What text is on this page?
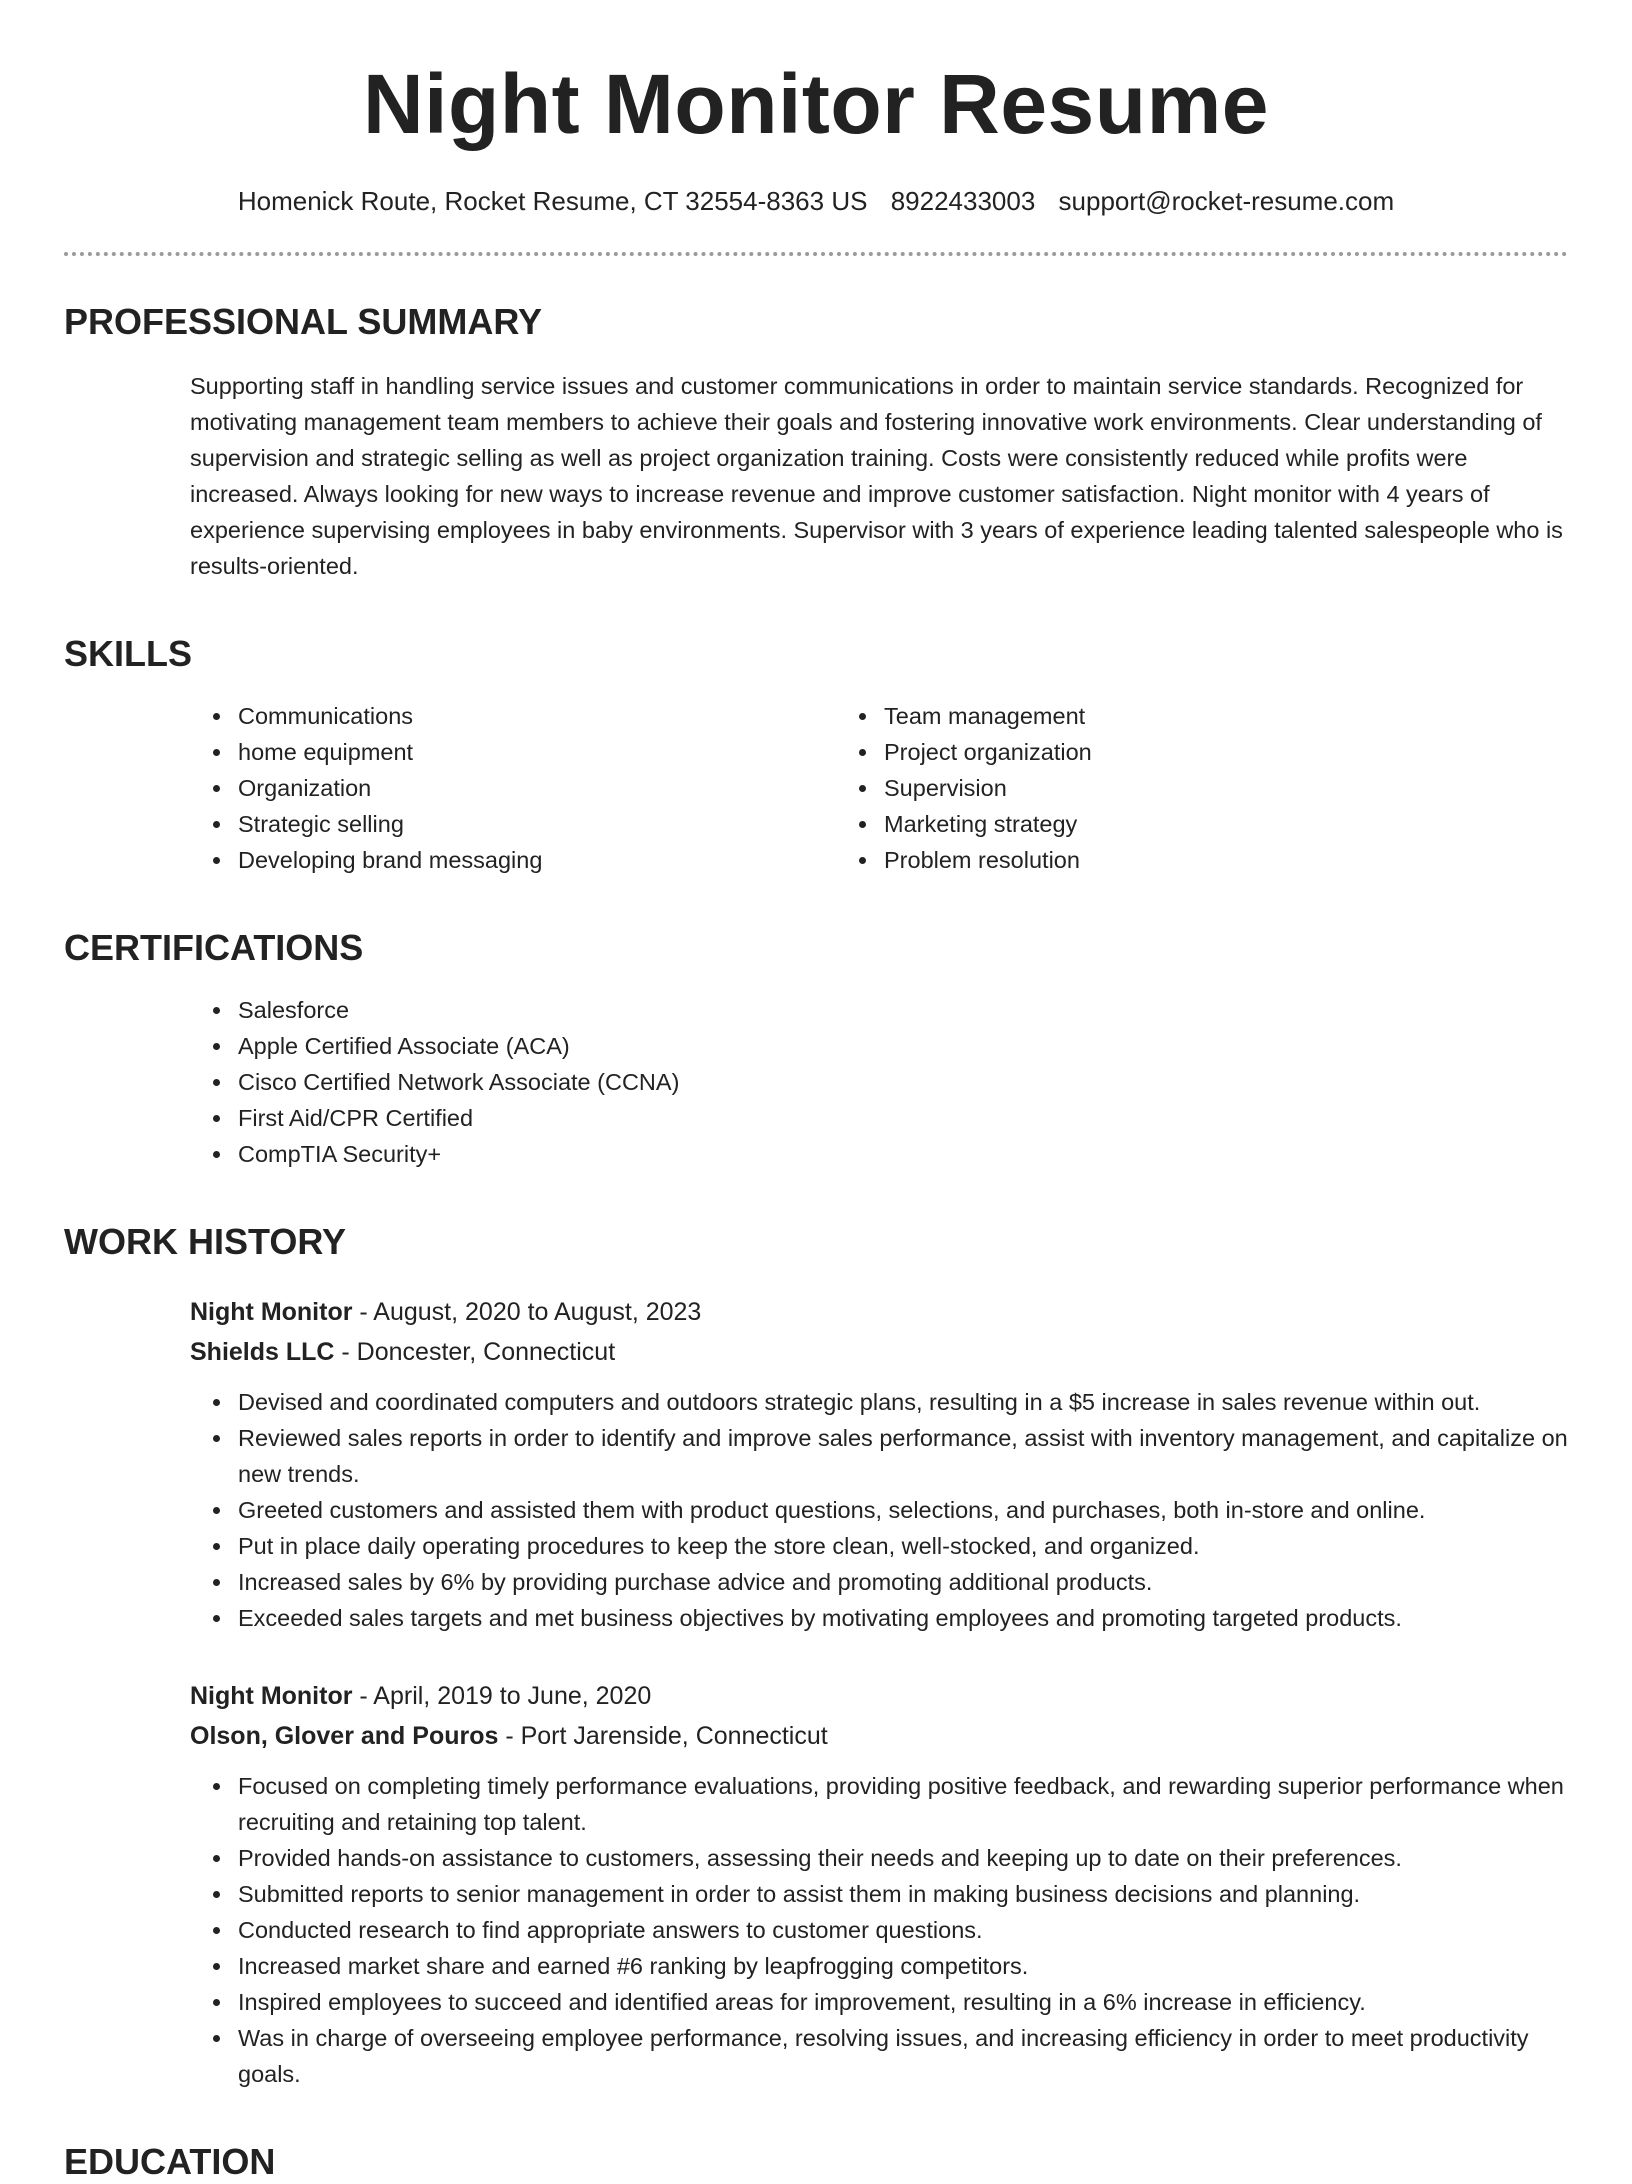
Night Monitor Resume
Homenick Route, Rocket Resume, CT 32554-8363 US 8922433003 support@rocket-resume.com
PROFESSIONAL SUMMARY
Supporting staff in handling service issues and customer communications in order to maintain service standards. Recognized for motivating management team members to achieve their goals and fostering innovative work environments. Clear understanding of supervision and strategic selling as well as project organization training. Costs were consistently reduced while profits were increased. Always looking for new ways to increase revenue and improve customer satisfaction. Night monitor with 4 years of experience supervising employees in baby environments. Supervisor with 3 years of experience leading talented salespeople who is results-oriented.
SKILLS
• Communications
• home equipment
• Organization
• Strategic selling
• Developing brand messaging
• Team management
• Project organization
• Supervision
• Marketing strategy
• Problem resolution
CERTIFICATIONS
• Salesforce
• Apple Certified Associate (ACA)
• Cisco Certified Network Associate (CCNA)
• First Aid/CPR Certified
• CompTIA Security+
WORK HISTORY
Night Monitor - August, 2020 to August, 2023
Shields LLC - Doncester, Connecticut
• Devised and coordinated computers and outdoors strategic plans, resulting in a $5 increase in sales revenue within out.
• Reviewed sales reports in order to identify and improve sales performance, assist with inventory management, and capitalize on new trends.
• Greeted customers and assisted them with product questions, selections, and purchases, both in-store and online.
• Put in place daily operating procedures to keep the store clean, well-stocked, and organized.
• Increased sales by 6% by providing purchase advice and promoting additional products.
• Exceeded sales targets and met business objectives by motivating employees and promoting targeted products.
Night Monitor - April, 2019 to June, 2020
Olson, Glover and Pouros - Port Jarenside, Connecticut
• Focused on completing timely performance evaluations, providing positive feedback, and rewarding superior performance when recruiting and retaining top talent.
• Provided hands-on assistance to customers, assessing their needs and keeping up to date on their preferences.
• Submitted reports to senior management in order to assist them in making business decisions and planning.
• Conducted research to find appropriate answers to customer questions.
• Increased market share and earned #6 ranking by leapfrogging competitors.
• Inspired employees to succeed and identified areas for improvement, resulting in a 6% increase in efficiency.
• Was in charge of overseeing employee performance, resolving issues, and increasing efficiency in order to meet productivity goals.
EDUCATION
